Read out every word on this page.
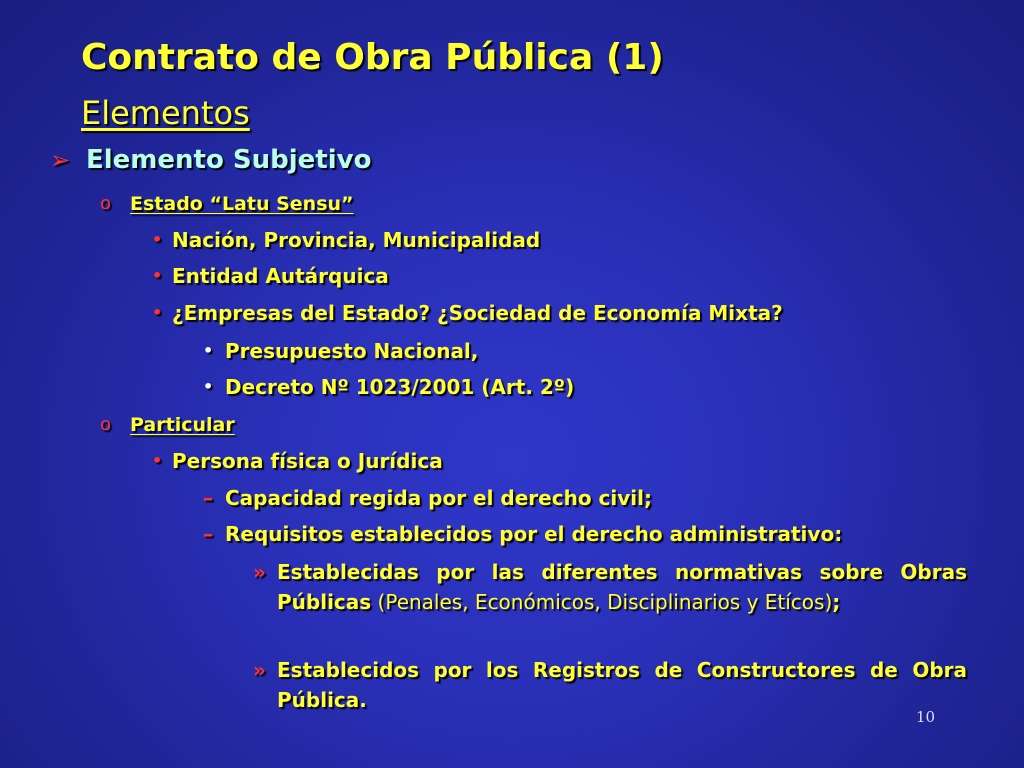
Contrato de Obra Pública (1)
Elementos
➢ Elemento Subjetivo
o Estado “Latu Sensu”
• Nación, Provincia, Municipalidad
• Entidad Autárquica
• ¿Empresas del Estado? ¿Sociedad de Economía Mixta?
• Presupuesto Nacional,
• Decreto Nº 1023/2001 (Art. 2º)
o Particular
• Persona física o Jurídica
– Capacidad regida por el derecho civil;
– Requisitos establecidos por el derecho administrativo:
» Establecidas por las diferentes normativas sobre Obras Públicas (Penales, Económicos, Disciplinarios y Etícos);
» Establecidos por los Registros de Constructores de Obra Pública.
10
